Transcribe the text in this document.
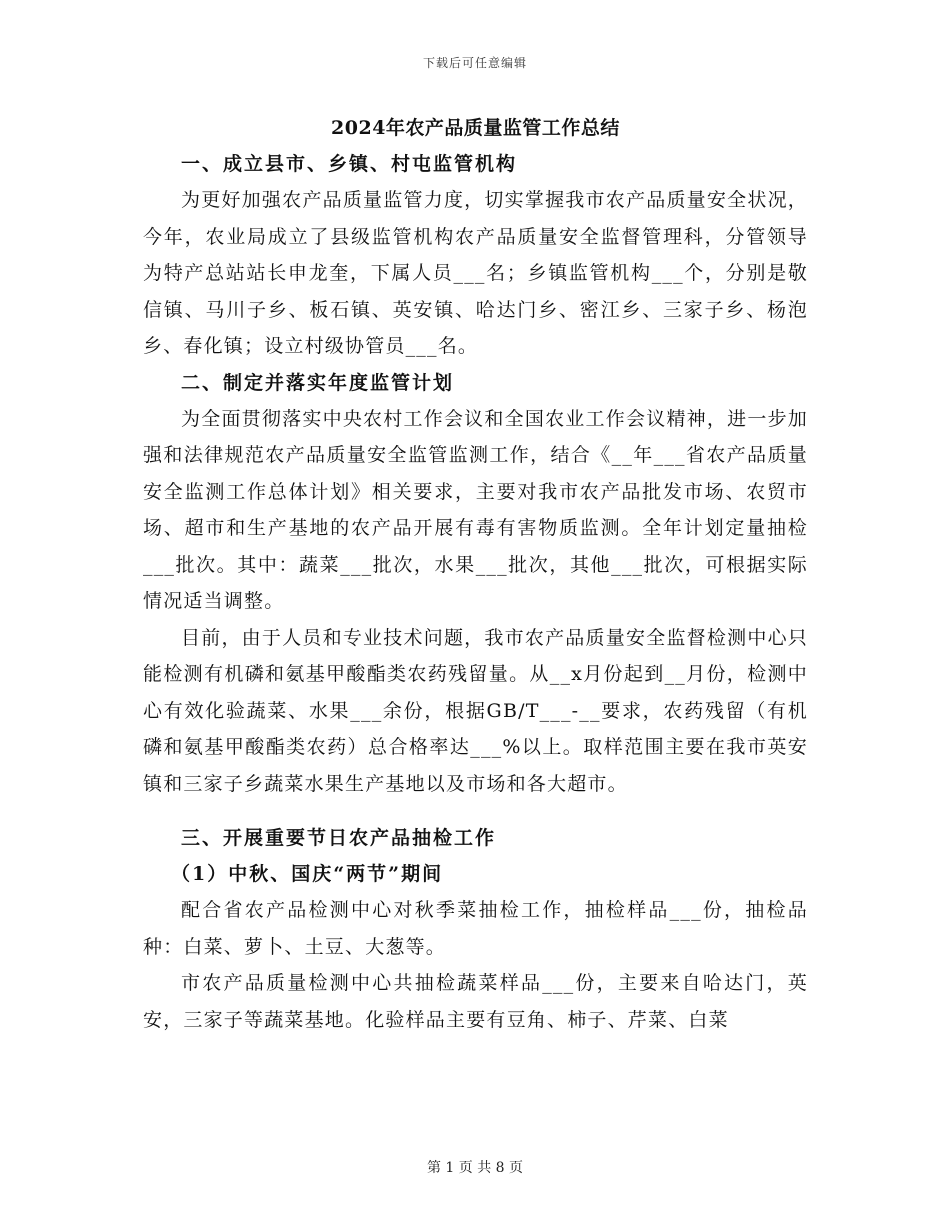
下载后可任意编辑
2024年农产品质量监管工作总结
一、成立县市、乡镇、村屯监管机构

为更好加强农产品质量监管力度，切实掌握我市农产品质量安全状况，今年，农业局成立了县级监管机构农产品质量安全监督管理科，分管领导为特产总站站长申龙奎，下属人员___名；乡镇监管机构___个，分别是敬信镇、马川子乡、板石镇、英安镇、哈达门乡、密江乡、三家子乡、杨泡乡、春化镇；设立村级协管员___名。

二、制定并落实年度监管计划

为全面贯彻落实中央农村工作会议和全国农业工作会议精神，进一步加强和法律规范农产品质量安全监管监测工作，结合《__年___省农产品质量安全监测工作总体计划》相关要求，主要对我市农产品批发市场、农贸市场、超市和生产基地的农产品开展有毒有害物质监测。全年计划定量抽检___批次。其中：蔬菜___批次，水果___批次，其他___批次，可根据实际情况适当调整。

目前，由于人员和专业技术问题，我市农产品质量安全监督检测中心只能检测有机磷和氨基甲酸酯类农药残留量。从__x月份起到__月份，检测中心有效化验蔬菜、水果___余份，根据GB/T___-__要求，农药残留（有机磷和氨基甲酸酯类农药）总合格率达___%以上。取样范围主要在我市英安镇和三家子乡蔬菜水果生产基地以及市场和各大超市。

三、开展重要节日农产品抽检工作
（1）中秋、国庆“两节”期间

配合省农产品检测中心对秋季菜抽检工作，抽检样品___份，抽检品种：白菜、萝卜、土豆、大葱等。

市农产品质量检测中心共抽检蔬菜样品___份，主要来自哈达门，英安，三家子等蔬菜基地。化验样品主要有豆角、柿子、芹菜、白菜

第 1 页 共 8 页
